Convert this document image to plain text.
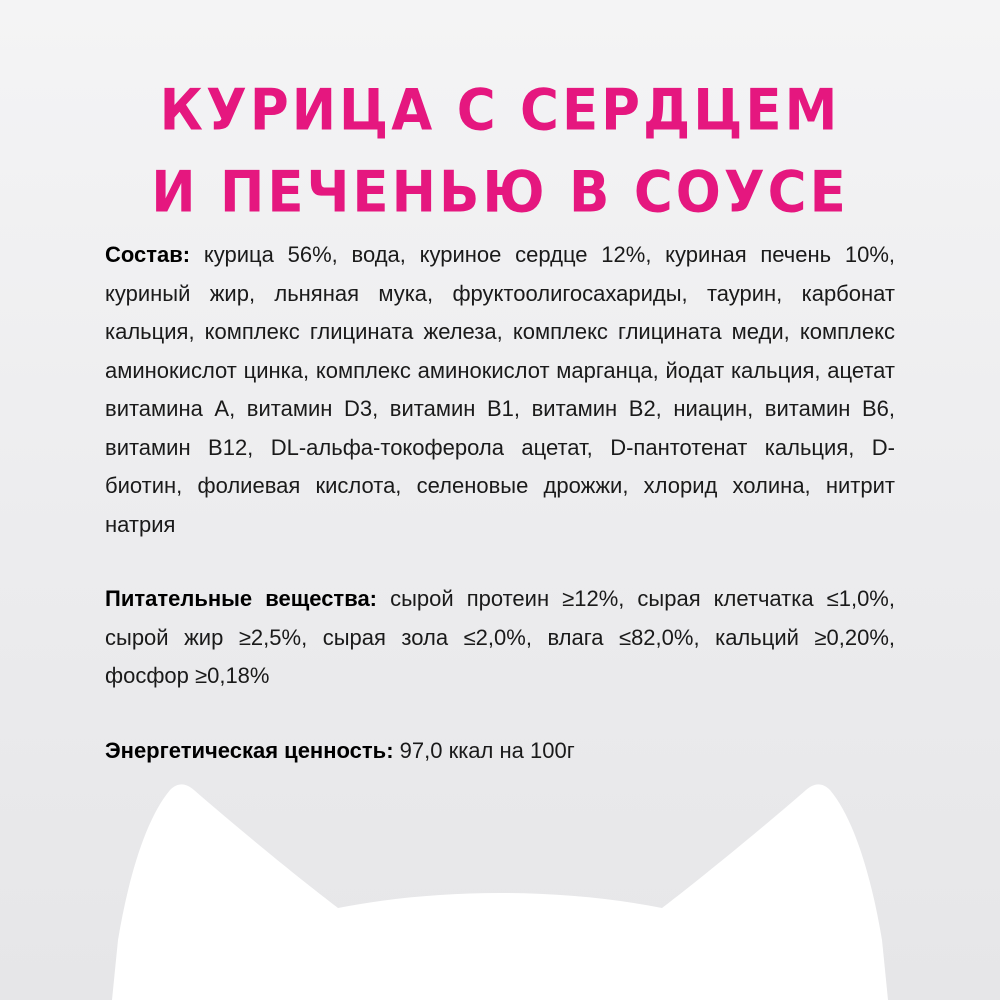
КУРИЦА С СЕРДЦЕМ
И ПЕЧЕНЬЮ В СОУСЕ

Состав: курица 56%, вода, куриное сердце 12%, куриная печень 10%, куриный жир, льняная мука, фруктоолигосахариды, таурин, карбонат кальция, комплекс глицината железа, комплекс глицината меди, комплекс аминокислот цинка, комплекс аминокислот марганца, йодат кальция, ацетат витамина А, витамин D3, витамин B1, витамин B2, ниацин, витамин B6, витамин B12, DL-альфа-токоферола ацетат, D-пантотенат кальция, D-биотин, фолиевая кислота, селеновые дрожжи, хлорид холина, нитрит натрия

Питательные вещества: сырой протеин ≥12%, сырая клетчатка ≤1,0%, сырой жир ≥2,5%, сырая зола ≤2,0%, влага ≤82,0%, кальций ≥0,20%, фосфор ≥0,18%

Энергетическая ценность: 97,0 ккал на 100г
